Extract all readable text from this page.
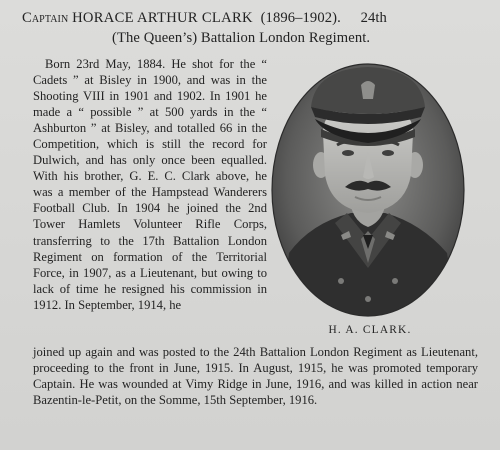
Captain HORACE ARTHUR CLARK (1896–1902). 24th
(The Queen’s) Battalion London Regiment.

Born 23rd May, 1884. He shot for the “ Cadets ” at Bisley in 1900, and was in the Shooting VIII in 1901 and 1902. In 1901 he made a “ possible ” at 500 yards in the “ Ashburton ” at Bisley, and totalled 66 in the Competition, which is still the record for Dulwich, and has only once been equalled. With his brother, G. E. C. Clark above, he was a member of the Hampstead Wanderers Football Club. In 1904 he joined the 2nd Tower Hamlets Volunteer Rifle Corps, transferring to the 17th Battalion London Regiment on formation of the Territorial Force, in 1907, as a Lieutenant, but owing to lack of time he resigned his commission in 1912. In September, 1914, he

H. A. CLARK.

joined up again and was posted to the 24th Battalion London Regiment as Lieutenant, proceeding to the front in June, 1915. In August, 1915, he was promoted temporary Captain. He was wounded at Vimy Ridge in June, 1916, and was killed in action near Bazentin-le-Petit, on the Somme, 15th September, 1916.
